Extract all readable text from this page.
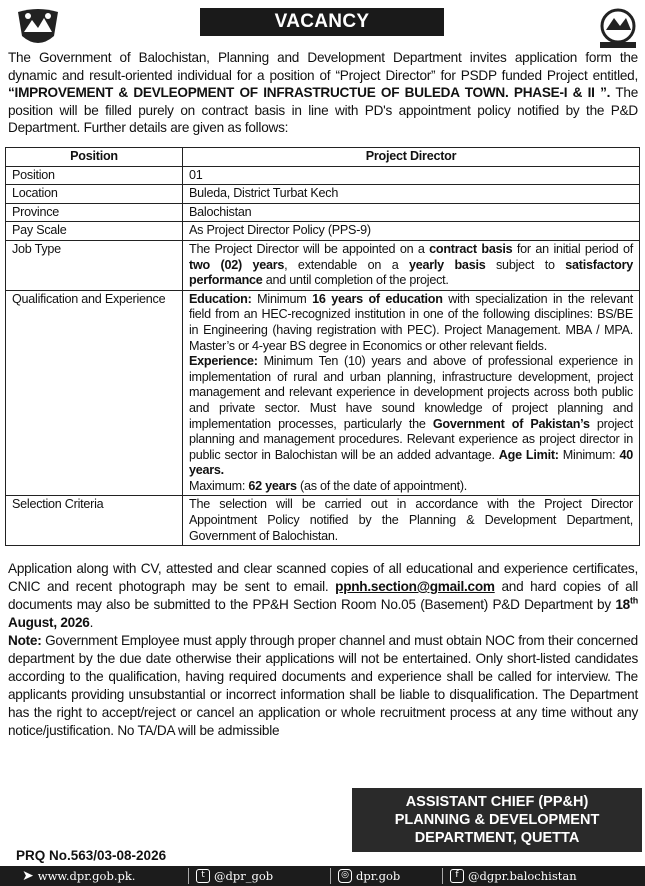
VACANCY
The Government of Balochistan, Planning and Development Department invites application form the dynamic and result-oriented individual for a position of “Project Director” for PSDP funded Project entitled, “IMPROVEMENT & DEVLEOPMENT OF INFRASTRUCTUE OF BULEDA TOWN. PHASE-I & II ”. The position will be filled purely on contract basis in line with PD's appointment policy notified by the P&D Department. Further details are given as follows:
Position	Project Director
Position	01
Location	Buleda, District Turbat Kech
Province	Balochistan
Pay Scale	As Project Director Policy (PPS-9)
Job Type	The Project Director will be appointed on a contract basis for an initial period of two (02) years, extendable on a yearly basis subject to satisfactory performance and until completion of the project.
Qualification and Experience	Education: Minimum 16 years of education with specialization in the relevant field from an HEC-recognized institution in one of the following disciplines: BS/BE in Engineering (having registration with PEC). Project Management. MBA / MPA. Master’s or 4-year BS degree in Economics or other relevant fields.
Experience: Minimum Ten (10) years and above of professional experience in implementation of rural and urban planning, infrastructure development, project management and relevant experience in development projects across both public and private sector. Must have sound knowledge of project planning and implementation processes, particularly the Government of Pakistan’s project planning and management procedures. Relevant experience as project director in public sector in Balochistan will be an added advantage. Age Limit: Minimum: 40 years.
Maximum: 62 years (as of the date of appointment).
Selection Criteria	The selection will be carried out in accordance with the Project Director Appointment Policy notified by the Planning & Development Department, Government of Balochistan.
Application along with CV, attested and clear scanned copies of all educational and experience certificates, CNIC and recent photograph may be sent to email. ppnh.section@gmail.com and hard copies of all documents may also be submitted to the PP&H Section Room No.05 (Basement) P&D Department by 18th August, 2026.
Note: Government Employee must apply through proper channel and must obtain NOC from their concerned department by the due date otherwise their applications will not be entertained. Only short-listed candidates according to the qualification, having required documents and experience shall be called for interview. The applicants providing unsubstantial or incorrect information shall be liable to disqualification. The Department has the right to accept/reject or cancel an application or whole recruitment process at any time without any notice/justification. No TA/DA will be admissible
ASSISTANT CHIEF (PP&H)
PLANNING & DEVELOPMENT
DEPARTMENT, QUETTA
PRQ No.563/03-08-2026
➤ www.dpr.gob.pk.	t @dpr_gob	◎ dpr.gob	f @dgpr.balochistan
